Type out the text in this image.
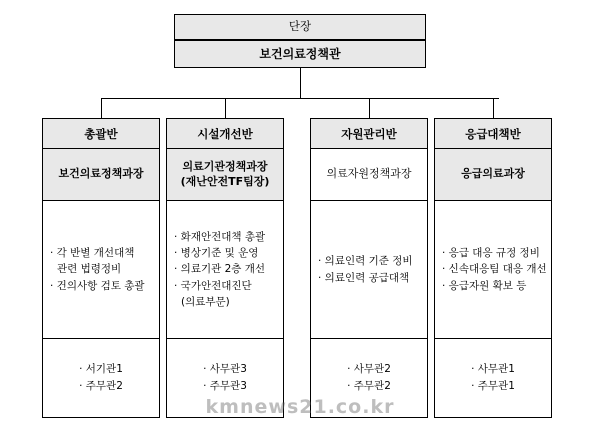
단장
보건의료정책관
총괄반
보건의료정책과장
· 각 반별 개선대책
관련 법령정비
· 건의사항 검토 총괄
· 서기관1
· 주무관2
시설개선반
의료기관정책과장
(재난안전TF팀장)
· 화재안전대책 총괄
· 병상기준 및 운영
· 의료기관 2층 개선
· 국가안전대진단
(의료부문)
· 사무관3
· 주무관3
자원관리반
의료자원정책과장
· 의료인력 기준 정비
· 의료인력 공급대책
· 사무관2
· 주무관2
응급대책반
응급의료과장
· 응급 대응 규정 정비
· 신속대응팀 대응 개선
· 응급자원 확보 등
· 사무관1
· 주무관1
kmnews21.co.kr
